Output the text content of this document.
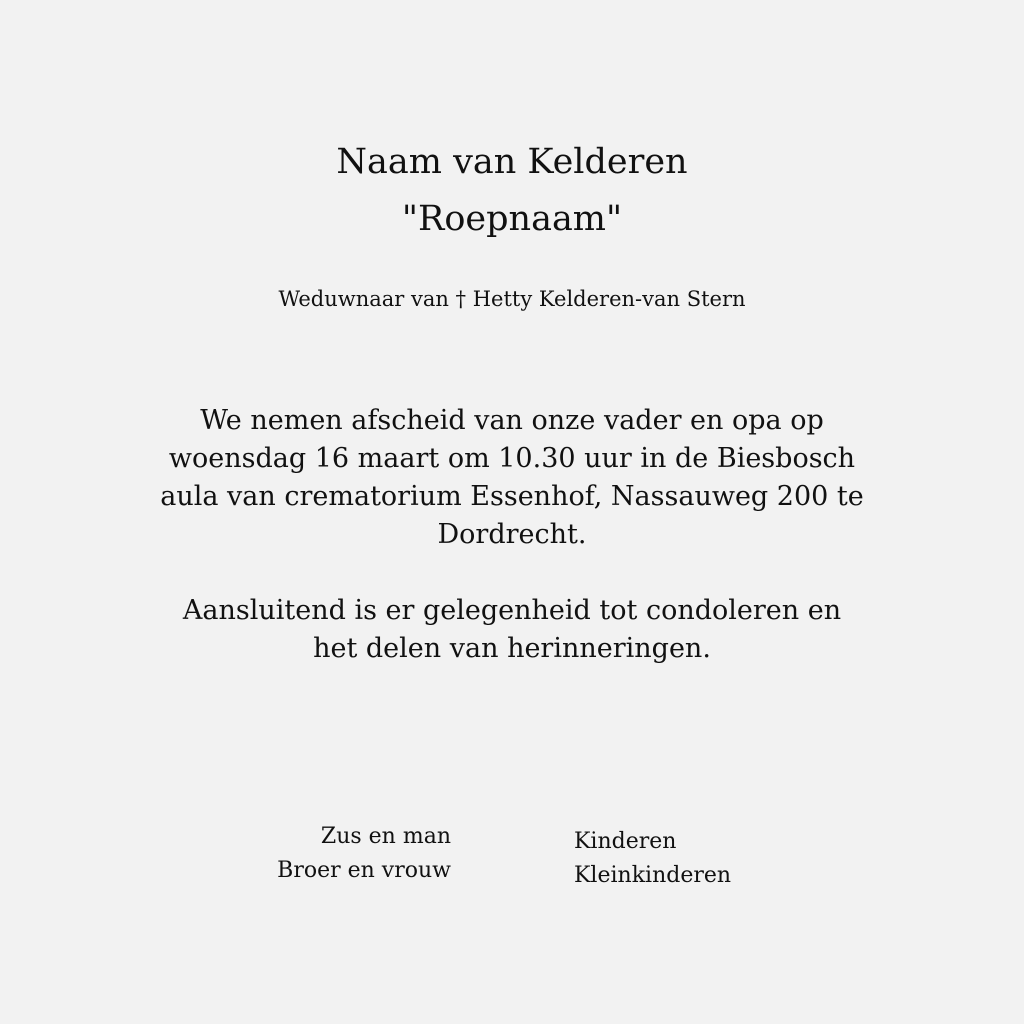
Naam van Kelderen
"Roepnaam"
Weduwnaar van † Hetty Kelderen-van Stern
We nemen afscheid van onze vader en opa op
woensdag 16 maart om 10.30 uur in de Biesbosch
aula van crematorium Essenhof, Nassauweg 200 te
Dordrecht.
Aansluitend is er gelegenheid tot condoleren en
het delen van herinneringen.
Zus en man
Broer en vrouw
Kinderen
Kleinkinderen
